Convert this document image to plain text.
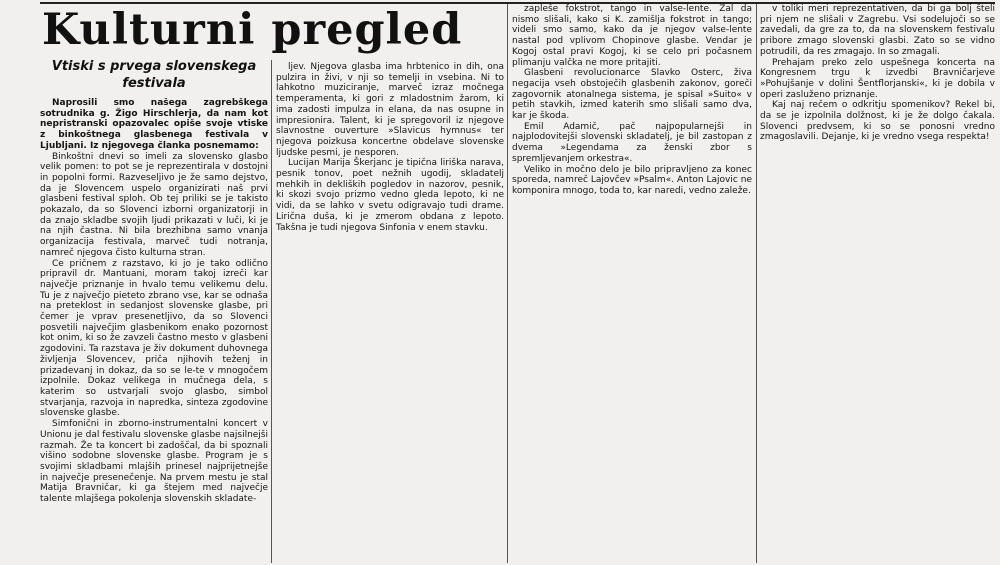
Kulturni pregled
Vtiski s prvega slovenskega festivala

Naprosili smo našega zagrebškega sotrudnika g. Žigo Hirschlerja, da nam kot nepristranski opazovalec opiše svoje vtiske z binkoštnega glasbenega festivala v Ljubljani. Iz njegovega članka posnemamo:

Binkoštni dnevi so imeli za slovensko glasbo velik pomen: to pot se je reprezentirala v dostojni in popolni formi. Razveseljivo je že samo dejstvo, da je Slovencem uspelo organizirati naš prvi glasbeni festival sploh. Ob tej priliki se je takisto pokazalo, da so Slovenci izborni organizatorji in da znajo skladbe svojih ljudi prikazati v luči, ki je na njih častna. Ni bila brezhibna samo vnanja organizacija festivala, marveč tudi notranja, namreč njegova čisto kulturna stran.

Ce pričnem z razstavo, ki jo je tako odlično pripravil dr. Mantuani, moram takoj izreči kar največje priznanje in hvalo temu velikemu delu. Tu je z največjo pieteto zbrano vse, kar se odnaša na preteklost in sedanjost slovenske glasbe, pri čemer je vprav presenetljivo, da so Slovenci posvetili največjim glasbenikom enako pozornost kot onim, ki so že zavzeli častno mesto v glasbeni zgodovini. Ta razstava je živ dokument duhovnega življenja Slovencev, priča njihovih teženj in prizadevanj in dokaz, da so se le-te v mnogočem izpolnile. Dokaz velikega in mučnega dela, s katerim so ustvarjali svojo glasbo, simbol stvarjanja, razvoja in napredka, sinteza zgodovine slovenske glasbe.

Simfonični in zborno-instrumentalni koncert v Unionu je dal festivalu slovenske glasbe najsilnejši razmah. Že ta koncert bi zadoščal, da bi spoznali višino sodobne slovenske glasbe. Program je s svojimi skladbami mlajših prinesel najprijetnejše in največje presenečenje. Na prvem mestu je stal Matija Bravničar, ki ga štejem med največje talente mlajšega pokolenja slovenskih skladate-

ljev. Njegova glasba ima hrbtenico in dih, ona pulzira in živi, v nji so temelji in vsebina. Ni to lahkotno muziciranje, marveč izraz močnega temperamenta, ki gori z mladostnim žarom, ki ima zadosti impulza in elana, da nas osupne in impresionira. Talent, ki je spregovoril iz njegove slavnostne ouverture »Slavicus hymnus« ter njegova poizkusa koncertne obdelave slovenske ljudske pesmi, je nesporen.

Lucijan Marija Škerjanc je tipična liriška narava, pesnik tonov, poet nežnih ugodij, skladatelj mehkih in dekliških pogledov in nazorov, pesnik, ki skozi svojo prizmo vedno gleda lepoto, ki ne vidi, da se lahko v svetu odigravajo tudi drame. Lirična duša, ki je zmerom obdana z lepoto. Takšna je tudi njegova Sinfonia v enem stavku.

zapleše fokstrot, tango in valse-lente. Žal da nismo slišali, kako si K. zamišlja fokstrot in tango; videli smo samo, kako da je njegov valse-lente nastal pod vplivom Chopinove glasbe. Vendar je Kogoj ostal pravi Kogoj, ki se celo pri počasnem plimanju valčka ne more pritajiti.

Glasbeni revolucionarce Slavko Osterc, živa negacija vseh obstoječih glasbenih zakonov, goreči zagovornik atonalnega sistema, je spisal »Suito« v petih stavkih, izmed katerih smo slišali samo dva, kar je škoda.

Emil Adamič, pač najpopularnejši in najplodovitejši slovenski skladatelj, je bil zastopan z dvema »Legendama za ženski zbor s spremljevanjem orkestra«.

Veliko in močno delo je bilo pripravljeno za konec sporeda, namreč Lajovčev »Psalm«. Anton Lajovic ne komponira mnogo, toda to, kar naredi, vedno zaleže.

v toliki meri reprezentativen, da bi ga bolj šteli pri njem ne slišali v Zagrebu. Vsi sodelujoči so se zavedali, da gre za to, da na slovenskem festivalu pribore zmago slovenski glasbi. Zato so se vidno potrudili, da res zmagajo. In so zmagali.

Prehajam preko zelo uspešnega koncerta na Kongresnem trgu k izvedbi Bravničarjeve »Pohujšanje v dolini Šentflorjanski«, ki je dobila v operi zasluženo priznanje.

Kaj naj rečem o odkritju spomenikov? Rekel bi, da se je izpolnila dolžnost, ki je že dolgo čakala. Slovenci predvsem, ki so se ponosni vredno zmagoslavili. Dejanje, ki je vredno vsega respekta!
